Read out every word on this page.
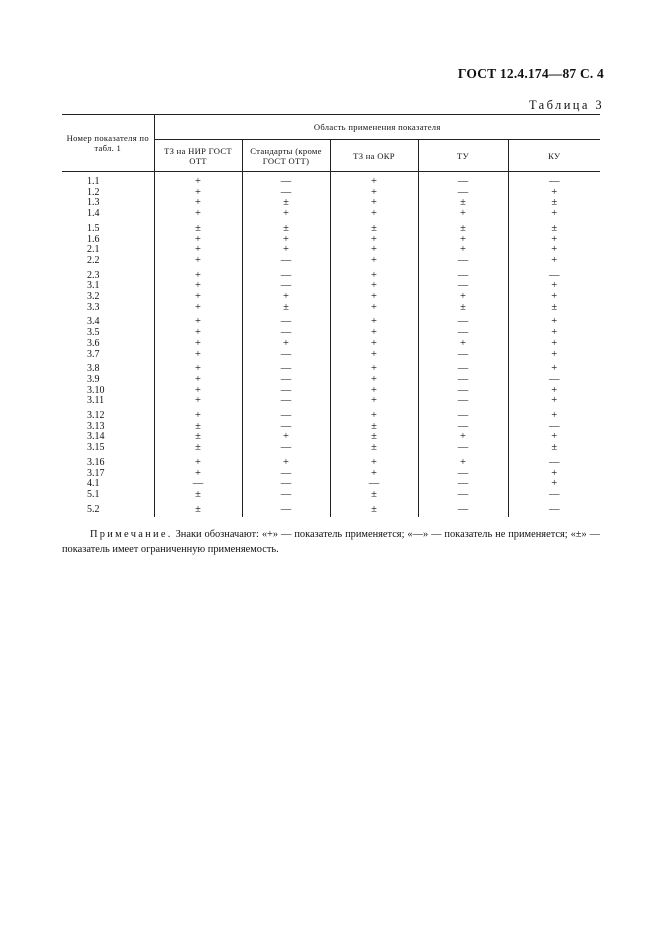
ГОСТ 12.4.174—87 С. 4
Таблица 3
Номер показателя по табл. 1	Область применения показателя				
	ТЗ на НИР ГОСТ ОТТ	Стандарты (кроме ГОСТ ОТТ)	ТЗ на ОКР	ТУ	КУ
1.1	+	—	+	—	—
1.2	+	—	+	—	+
1.3	+	±	+	±	±
1.4	+	+	+	+	+
1.5	±	±	±	±	±
1.6	+	+	+	+	+
2.1	+	+	+	+	+
2.2	+	—	+	—	+
2.3	+	—	+	—	—
3.1	+	—	+	—	+
3.2	+	+	+	+	+
3.3	+	±	+	±	±
3.4	+	—	+	—	+
3.5	+	—	+	—	+
3.6	+	+	+	+	+
3.7	+	—	+	—	+
3.8	+	—	+	—	+
3.9	+	—	+	—	—
3.10	+	—	+	—	+
3.11	+	—	+	—	+
3.12	+	—	+	—	+
3.13	±	—	±	—	—
3.14	±	+	±	+	+
3.15	±	—	±	—	±
3.16	+	+	+	+	—
3.17	+	—	+	—	+
4.1	—	—	—	—	+
5.1	±	—	±	—	—
5.2	±	—	±	—	—
Примечание. Знаки обозначают: «+» — показатель применяется; «—» — показатель не применяется; «±» — показатель имеет ограниченную применяемость.
